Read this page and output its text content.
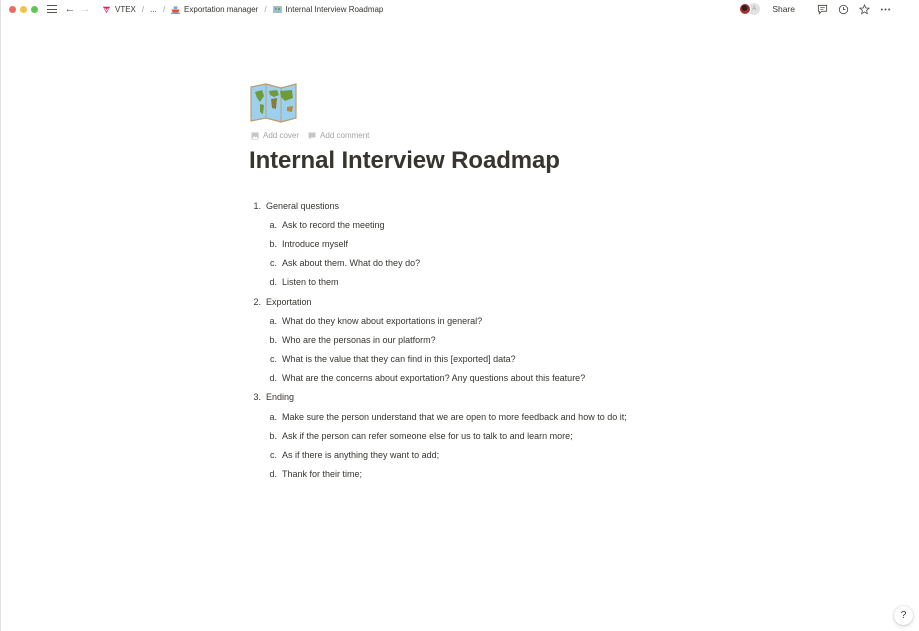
← →	VTEX / ... / Exportation manager / Internal Interview Roadmap	A	Share
Add cover	Add comment
Internal Interview Roadmap
1. General questions
a. Ask to record the meeting
b. Introduce myself
c. Ask about them. What do they do?
d. Listen to them
2. Exportation
a. What do they know about exportations in general?
b. Who are the personas in our platform?
c. What is the value that they can find in this [exported] data?
d. What are the concerns about exportation? Any questions about this feature?
3. Ending
a. Make sure the person understand that we are open to more feedback and how to do it;
b. Ask if the person can refer someone else for us to talk to and learn more;
c. As if there is anything they want to add;
d. Thank for their time;
?
